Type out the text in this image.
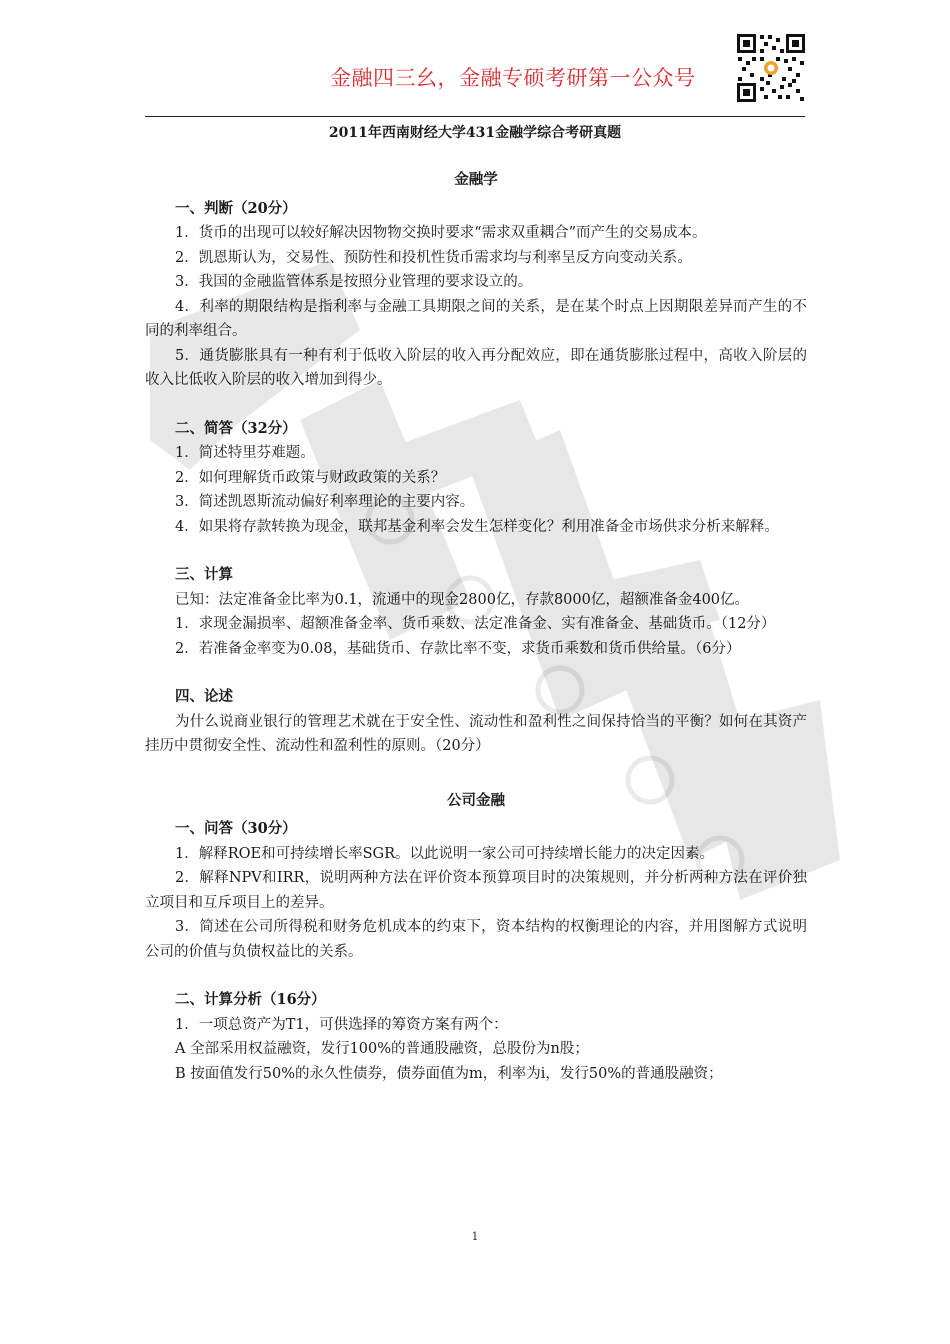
金融四三幺，金融专硕考研第一公众号
2011年西南财经大学431金融学综合考研真题

金融学

一、判断（20分）

1．货币的出现可以较好解决因物物交换时要求“需求双重耦合”而产生的交易成本。

2．凯恩斯认为，交易性、预防性和投机性货币需求均与利率呈反方向变动关系。

3．我国的金融监管体系是按照分业管理的要求设立的。

4．利率的期限结构是指利率与金融工具期限之间的关系，是在某个时点上因期限差异而产生的不同的利率组合。

5．通货膨胀具有一种有利于低收入阶层的收入再分配效应，即在通货膨胀过程中，高收入阶层的收入比低收入阶层的收入增加到得少。

二、简答（32分）

1．简述特里芬难题。

2．如何理解货币政策与财政政策的关系？

3．简述凯恩斯流动偏好利率理论的主要内容。

4．如果将存款转换为现金，联邦基金利率会发生怎样变化？利用准备金市场供求分析来解释。

三、计算

已知：法定准备金比率为0.1，流通中的现金2800亿，存款8000亿，超额准备金400亿。

1．求现金漏损率、超额准备金率、货币乘数、法定准备金、实有准备金、基础货币。（12分）

2．若准备金率变为0.08，基础货币、存款比率不变，求货币乘数和货币供给量。（6分）

四、论述

为什么说商业银行的管理艺术就在于安全性、流动性和盈利性之间保持恰当的平衡？如何在其资产挂历中贯彻安全性、流动性和盈利性的原则。（20分）

公司金融

一、问答（30分）

1．解释ROE和可持续增长率SGR。以此说明一家公司可持续增长能力的决定因素。

2．解释NPV和IRR，说明两种方法在评价资本预算项目时的决策规则，并分析两种方法在评价独立项目和互斥项目上的差异。

3．简述在公司所得税和财务危机成本的约束下，资本结构的权衡理论的内容，并用图解方式说明公司的价值与负债权益比的关系。

二、计算分析（16分）

1．一项总资产为T1，可供选择的筹资方案有两个：

A 全部采用权益融资，发行100%的普通股融资，总股份为n股；

B 按面值发行50%的永久性债券，债券面值为m，利率为i，发行50%的普通股融资；

1
